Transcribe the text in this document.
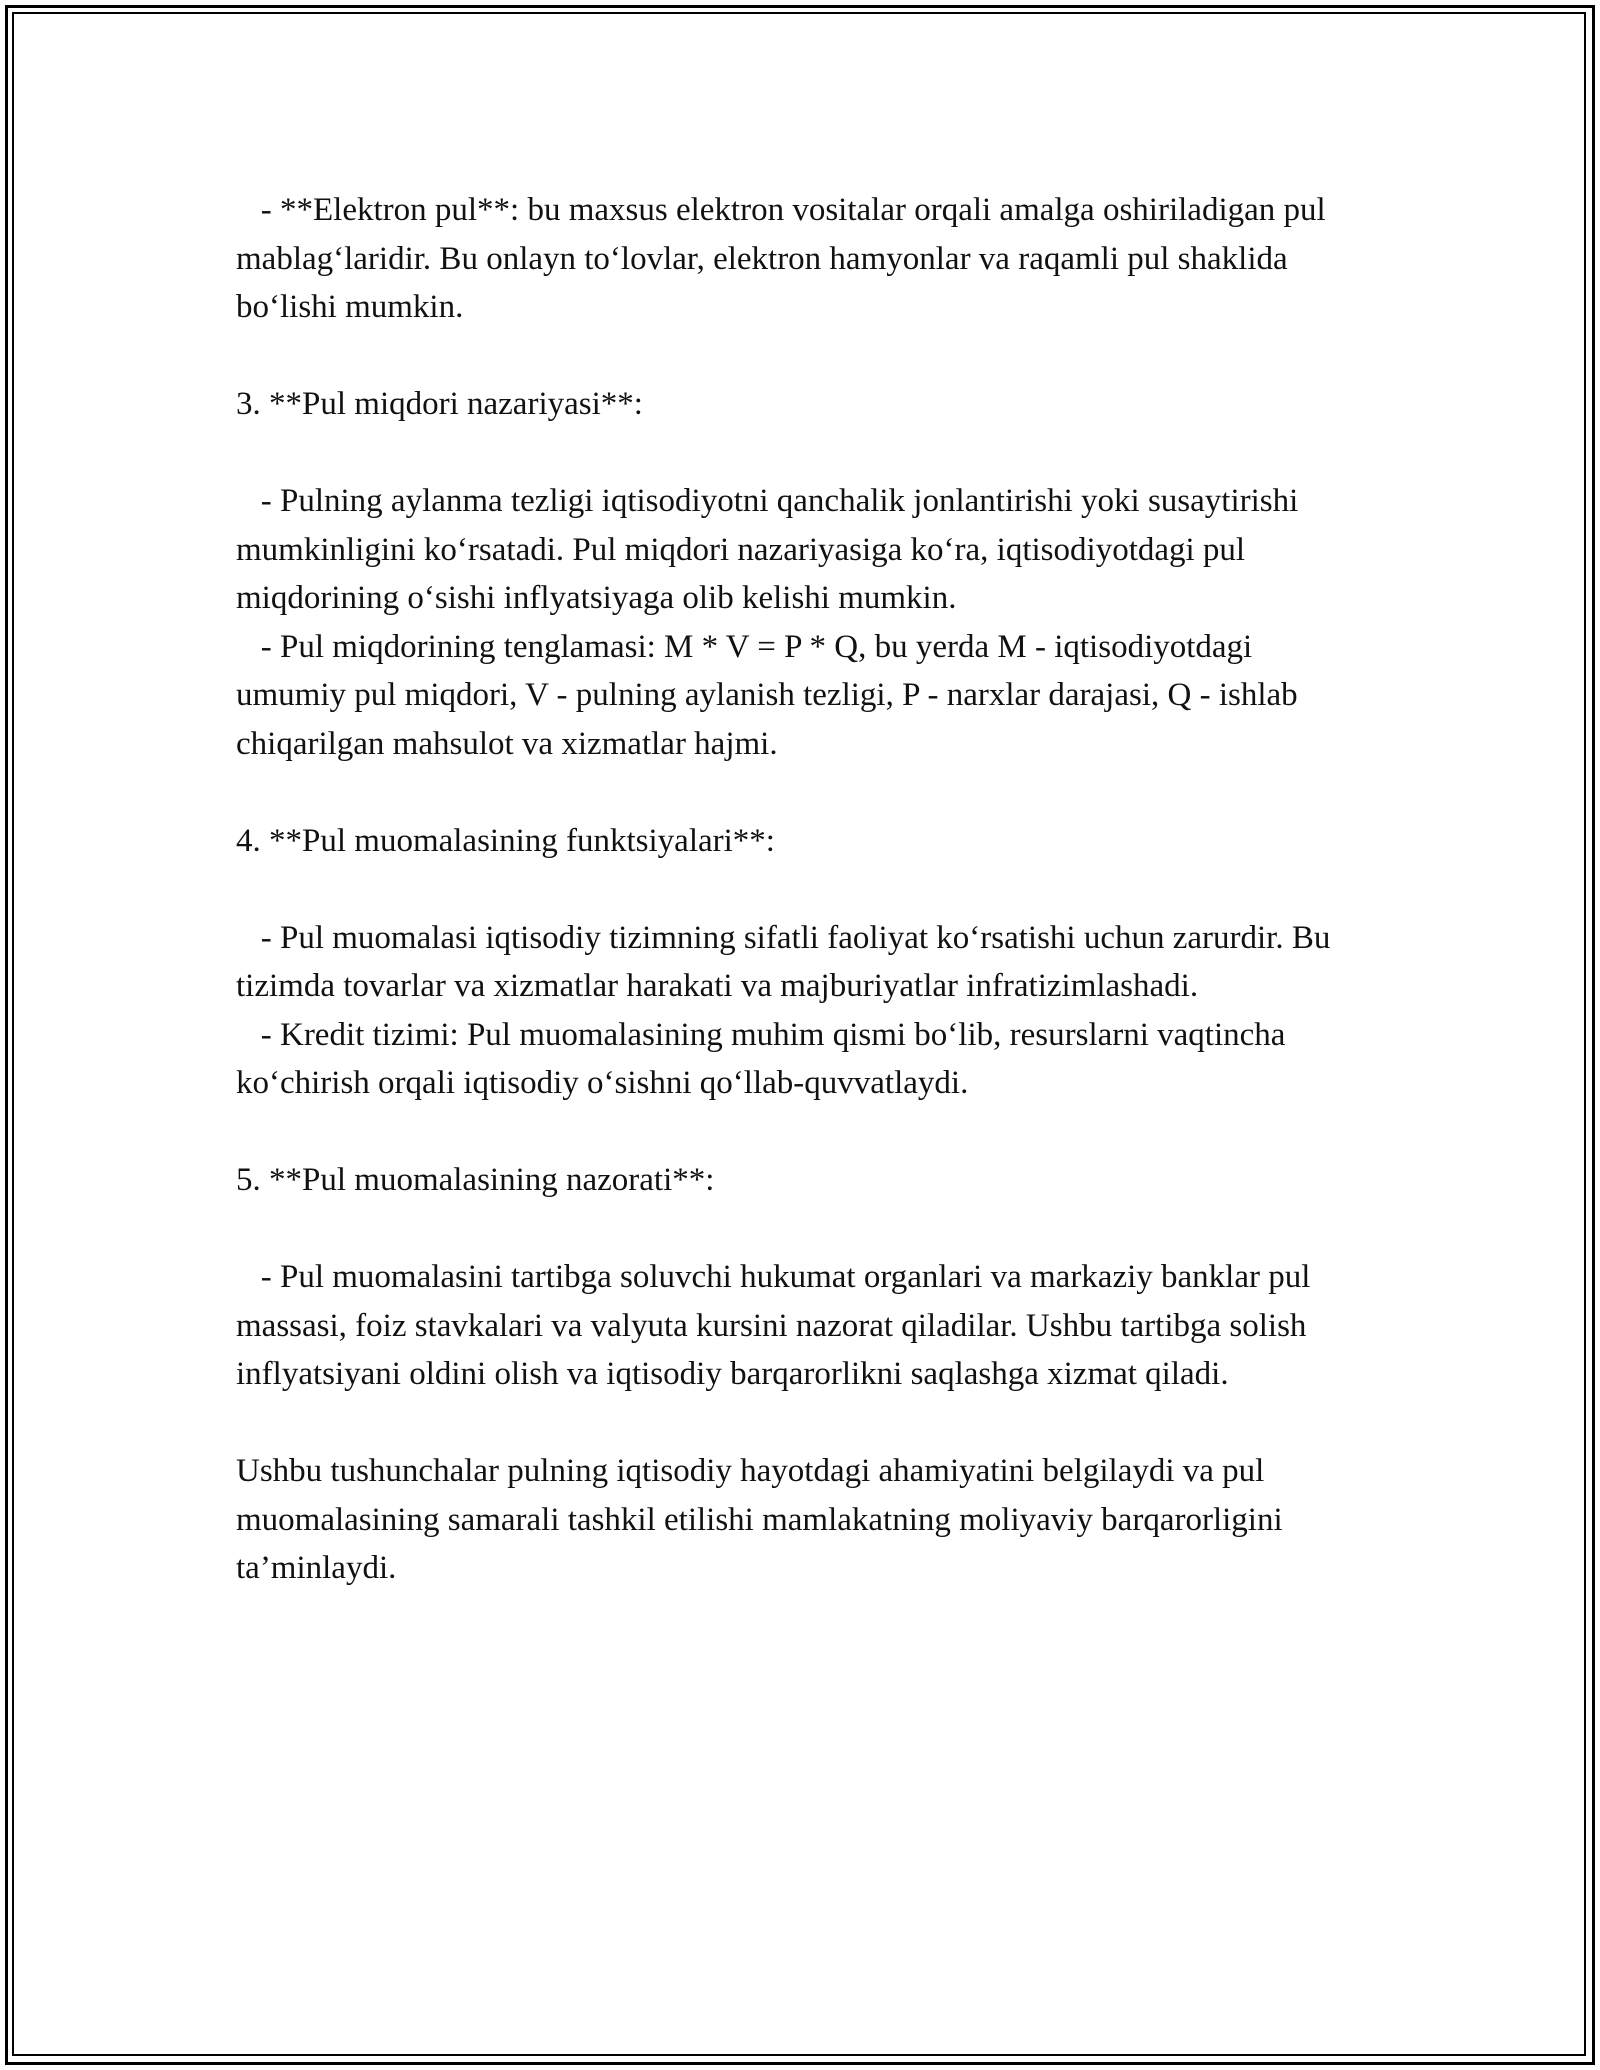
- **Elektron pul**: bu maxsus elektron vositalar orqali amalga oshiriladigan pul mablag‘laridir. Bu onlayn to‘lovlar, elektron hamyonlar va raqamli pul shaklida bo‘lishi mumkin.

3. **Pul miqdori nazariyasi**:

- Pulning aylanma tezligi iqtisodiyotni qanchalik jonlantirishi yoki susaytirishi mumkinligini ko‘rsatadi. Pul miqdori nazariyasiga ko‘ra, iqtisodiyotdagi pul miqdorining o‘sishi inflyatsiyaga olib kelishi mumkin.

- Pul miqdorining tenglamasi: M * V = P * Q, bu yerda M - iqtisodiyotdagi umumiy pul miqdori, V - pulning aylanish tezligi, P - narxlar darajasi, Q - ishlab chiqarilgan mahsulot va xizmatlar hajmi.

4. **Pul muomalasining funktsiyalari**:

- Pul muomalasi iqtisodiy tizimning sifatli faoliyat ko‘rsatishi uchun zarurdir. Bu tizimda tovarlar va xizmatlar harakati va majburiyatlar infratizimlashadi.

- Kredit tizimi: Pul muomalasining muhim qismi bo‘lib, resurslarni vaqtincha ko‘chirish orqali iqtisodiy o‘sishni qo‘llab-quvvatlaydi.

5. **Pul muomalasining nazorati**:

- Pul muomalasini tartibga soluvchi hukumat organlari va markaziy banklar pul massasi, foiz stavkalari va valyuta kursini nazorat qiladilar. Ushbu tartibga solish inflyatsiyani oldini olish va iqtisodiy barqarorlikni saqlashga xizmat qiladi.

Ushbu tushunchalar pulning iqtisodiy hayotdagi ahamiyatini belgilaydi va pul muomalasining samarali tashkil etilishi mamlakatning moliyaviy barqarorligini ta’minlaydi.
